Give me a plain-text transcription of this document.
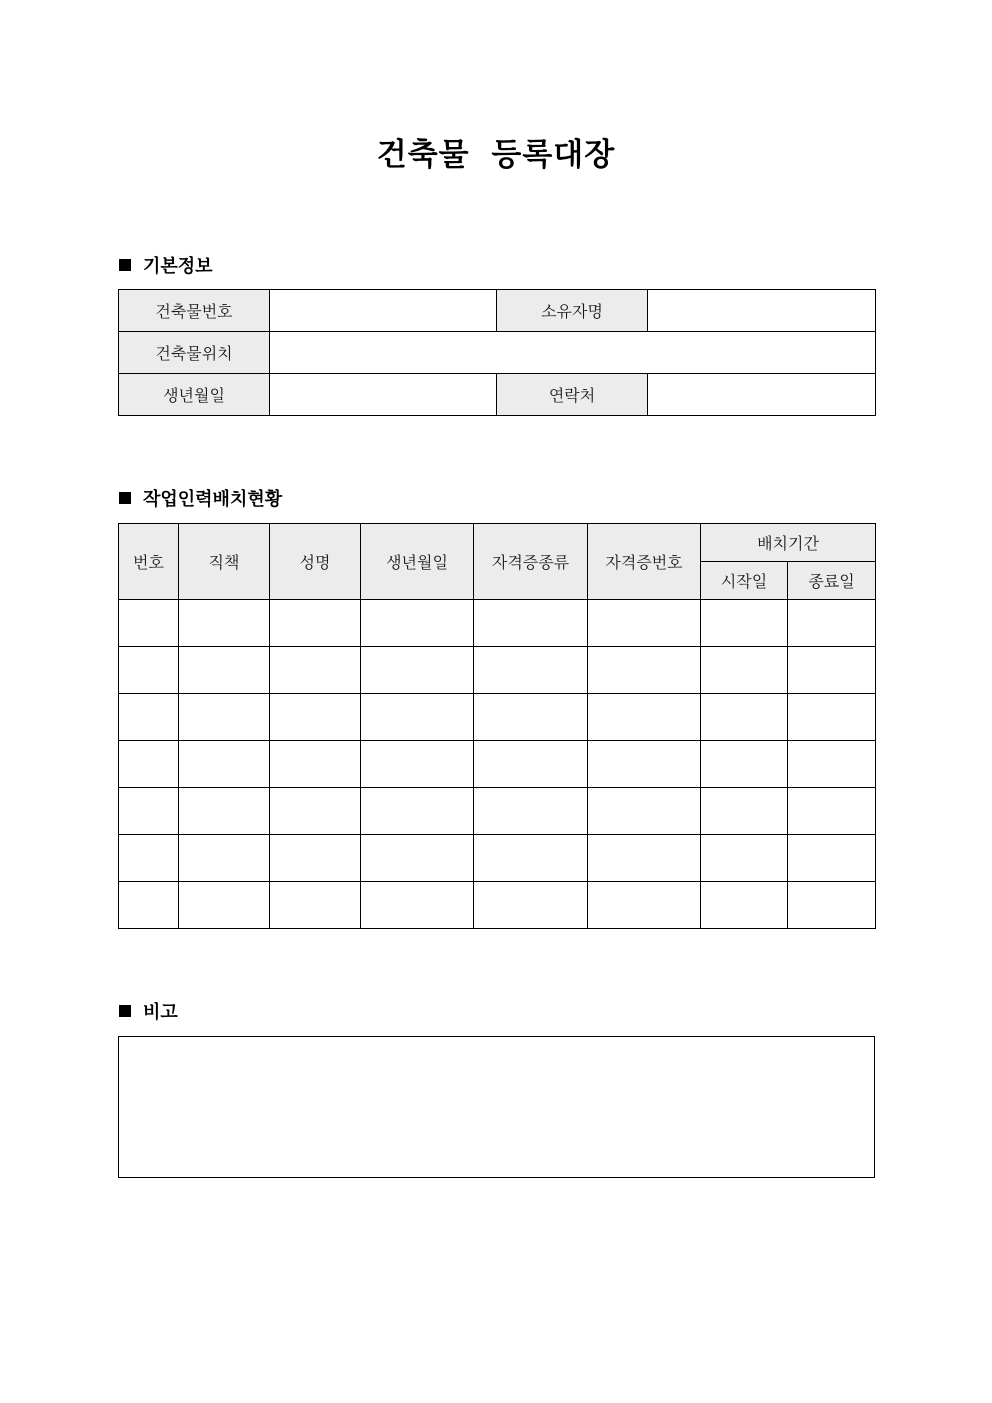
건축물 등록대장
기본정보
건축물번호		소유자명	
건축물위치			
생년월일		연락처	
작업인력배치현황
번호	직책	성명	생년월일	자격증종류	자격증번호	배치기간	
						시작일	종료일

비고
